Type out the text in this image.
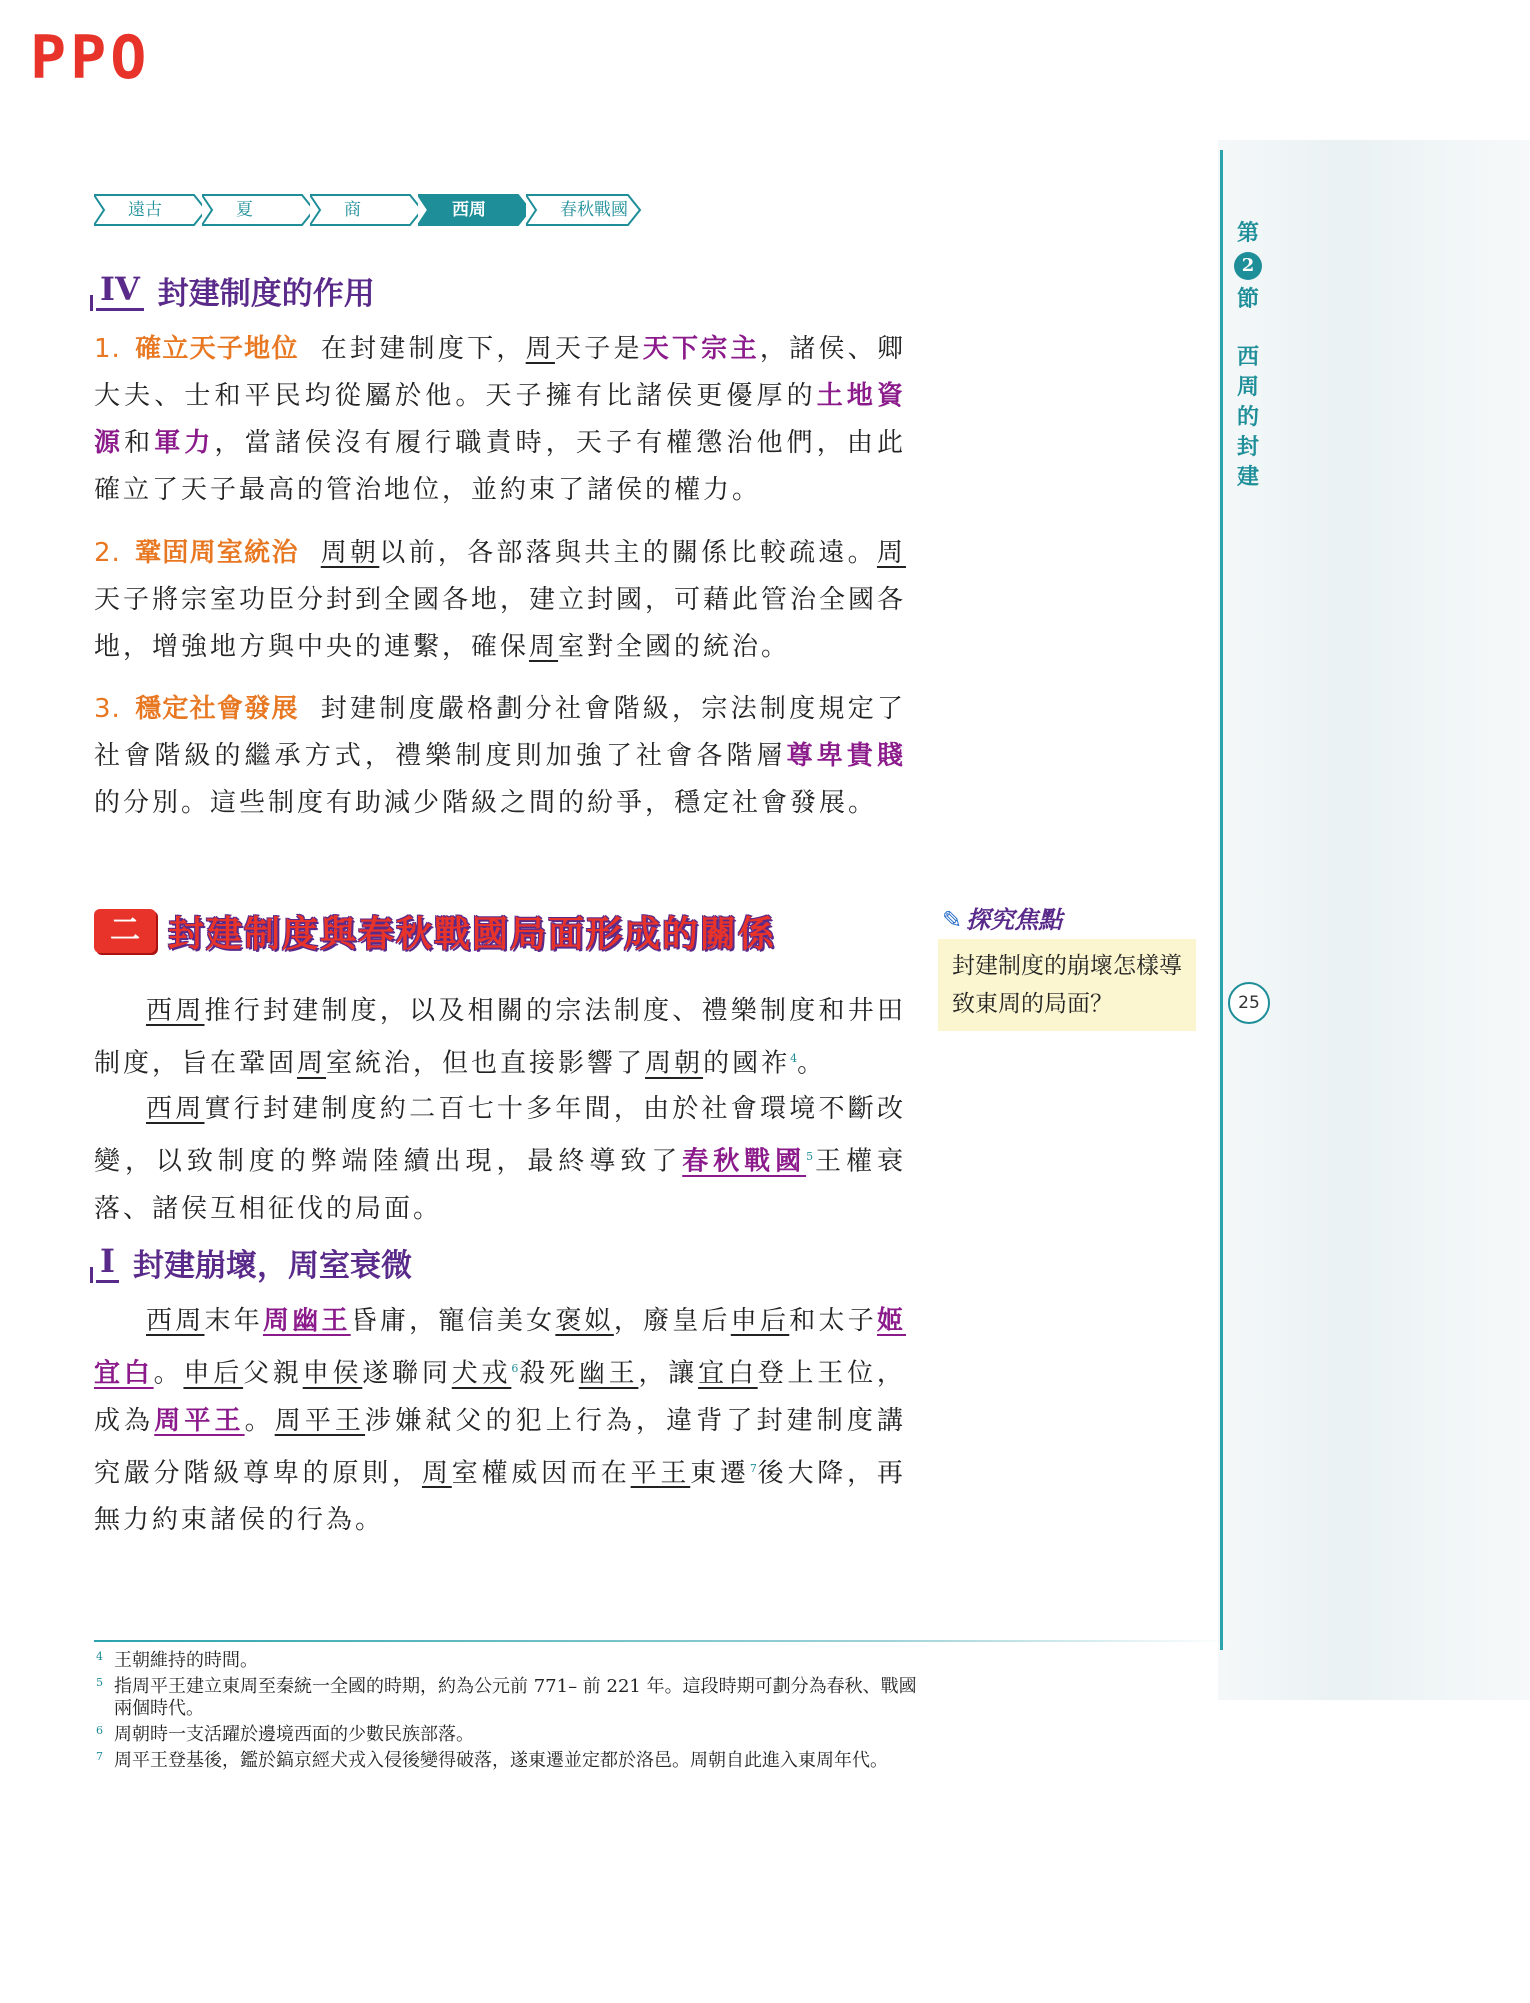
PPO
第
2
節
西
周
的
封
建
25
遠古	夏	商	西周	春秋戰國
IV 封建制度的作用
1. 確立天子地位 在封建制度下，周天子是天下宗主，諸侯、卿大夫、士和平民均從屬於他。天子擁有比諸侯更優厚的土地資源和軍力，當諸侯沒有履行職責時，天子有權懲治他們，由此確立了天子最高的管治地位，並約束了諸侯的權力。
2. 鞏固周室統治 周朝以前，各部落與共主的關係比較疏遠。周天子將宗室功臣分封到全國各地，建立封國，可藉此管治全國各地，增強地方與中央的連繫，確保周室對全國的統治。
3. 穩定社會發展 封建制度嚴格劃分社會階級，宗法制度規定了社會階級的繼承方式，禮樂制度則加強了社會各階層尊卑貴賤的分別。這些制度有助減少階級之間的紛爭，穩定社會發展。
二 封建制度與春秋戰國局面形成的關係	✎ 探究焦點
封建制度的崩壞怎樣導致東周的局面？
西周推行封建制度，以及相關的宗法制度、禮樂制度和井田制度，旨在鞏固周室統治，但也直接影響了周朝的國祚$^4$。
西周實行封建制度約二百七十多年間，由於社會環境不斷改變，以致制度的弊端陸續出現，最終導致了春秋戰國$^5$王權衰落、諸侯互相征伐的局面。
I 封建崩壞，周室衰微
西周末年周幽王昏庸，寵信美女褒姒，廢皇后申后和太子姬宜白。申后父親申侯遂聯同犬戎$^6$殺死幽王，讓宜白登上王位，成為周平王。周平王涉嫌弒父的犯上行為，違背了封建制度講究嚴分階級尊卑的原則，周室權威因而在平王東遷$^7$後大降，再無力約束諸侯的行為。
4 王朝維持的時間。
5 指周平王建立東周至秦統一全國的時期，約為公元前 771– 前 221 年。這段時期可劃分為春秋、戰國兩個時代。
6 周朝時一支活躍於邊境西面的少數民族部落。
7 周平王登基後，鑑於鎬京經犬戎入侵後變得破落，遂東遷並定都於洛邑。周朝自此進入東周年代。
